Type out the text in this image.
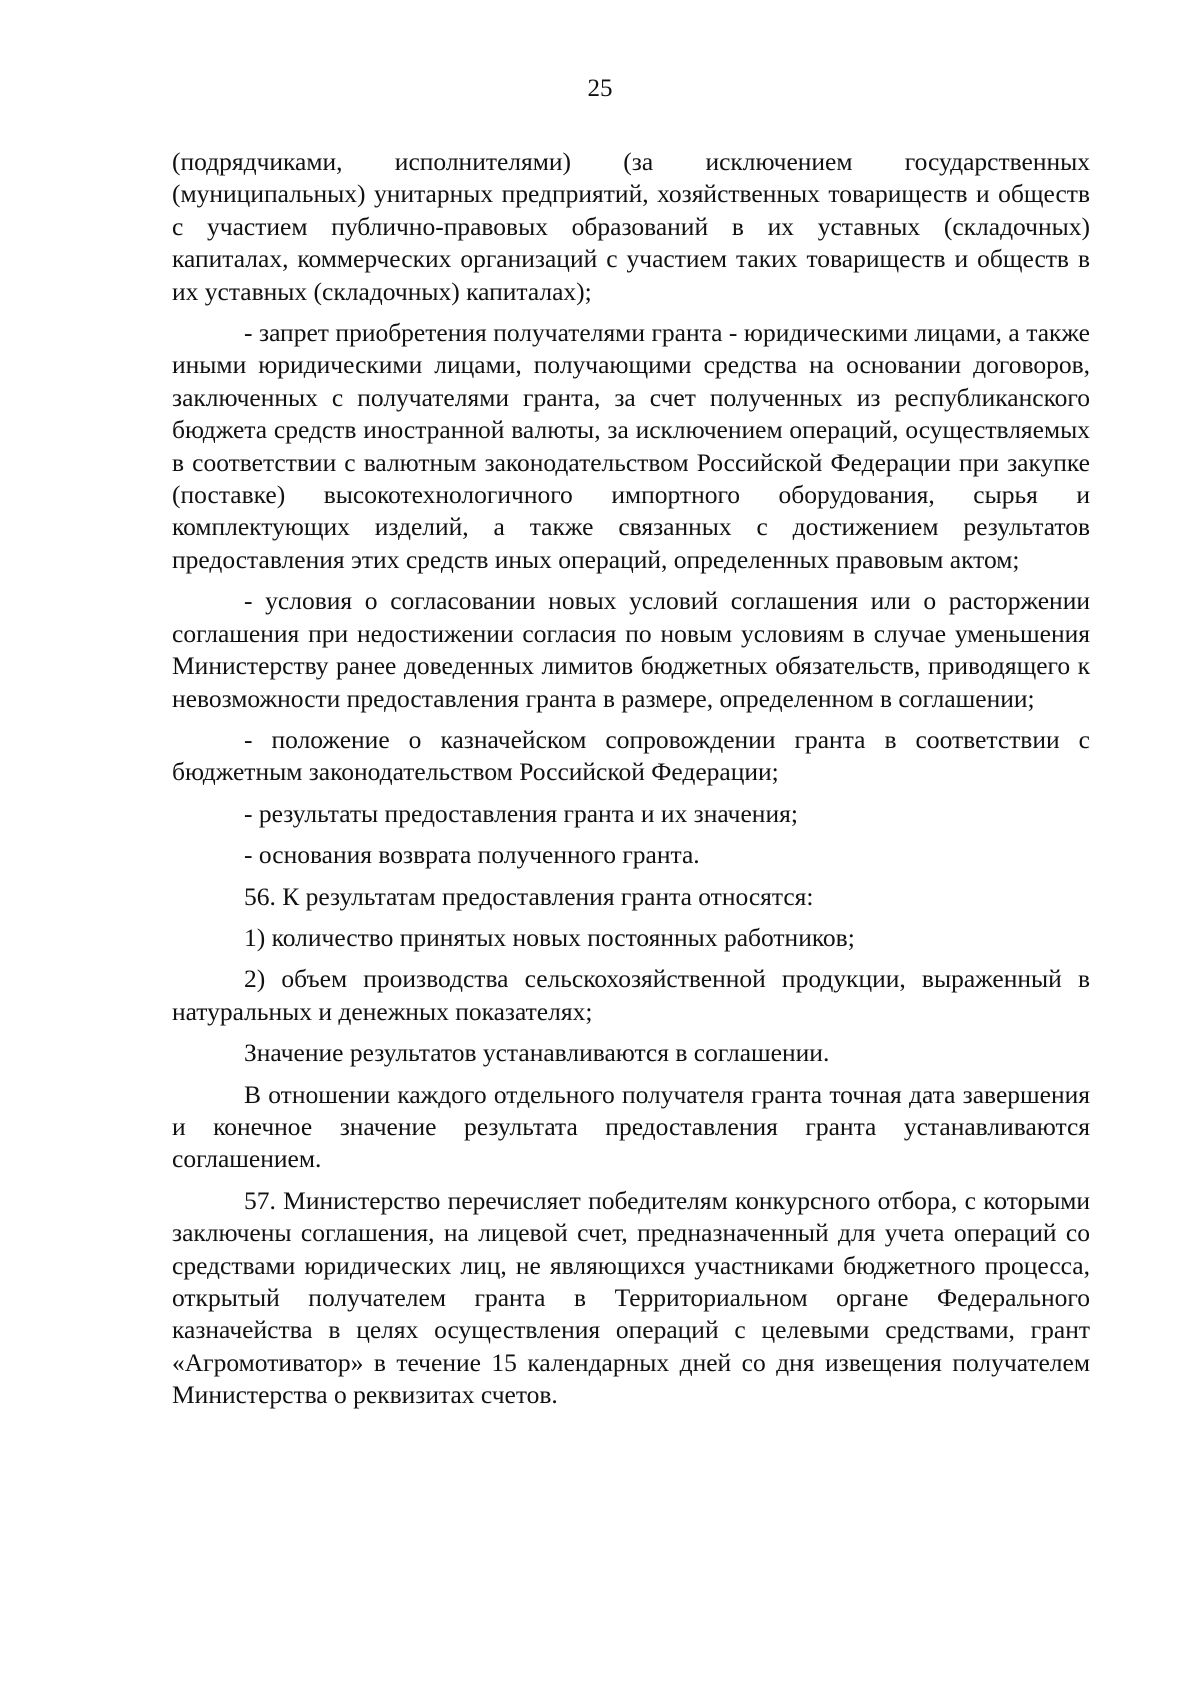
25

(подрядчиками, исполнителями) (за исключением государственных (муниципальных) унитарных предприятий, хозяйственных товариществ и обществ с участием публично-правовых образований в их уставных (складочных) капиталах, коммерческих организаций с участием таких товариществ и обществ в их уставных (складочных) капиталах);

- запрет приобретения получателями гранта - юридическими лицами, а также иными юридическими лицами, получающими средства на основании договоров, заключенных с получателями гранта, за счет полученных из республиканского бюджета средств иностранной валюты, за исключением операций, осуществляемых в соответствии с валютным законодательством Российской Федерации при закупке (поставке) высокотехнологичного импортного оборудования, сырья и комплектующих изделий, а также связанных с достижением результатов предоставления этих средств иных операций, определенных правовым актом;

- условия о согласовании новых условий соглашения или о расторжении соглашения при недостижении согласия по новым условиям в случае уменьшения Министерству ранее доведенных лимитов бюджетных обязательств, приводящего к невозможности предоставления гранта в размере, определенном в соглашении;

- положение о казначейском сопровождении гранта в соответствии с бюджетным законодательством Российской Федерации;

- результаты предоставления гранта и их значения;

- основания возврата полученного гранта.

56. К результатам предоставления гранта относятся:

1) количество принятых новых постоянных работников;

2) объем производства сельскохозяйственной продукции, выраженный в натуральных и денежных показателях;

Значение результатов устанавливаются в соглашении.

В отношении каждого отдельного получателя гранта точная дата завершения и конечное значение результата предоставления гранта устанавливаются соглашением.

57. Министерство перечисляет победителям конкурсного отбора, с которыми заключены соглашения, на лицевой счет, предназначенный для учета операций со средствами юридических лиц, не являющихся участниками бюджетного процесса, открытый получателем гранта в Территориальном органе Федерального казначейства в целях осуществления операций с целевыми средствами, грант «Агромотиватор» в течение 15 календарных дней со дня извещения получателем Министерства о реквизитах счетов.
